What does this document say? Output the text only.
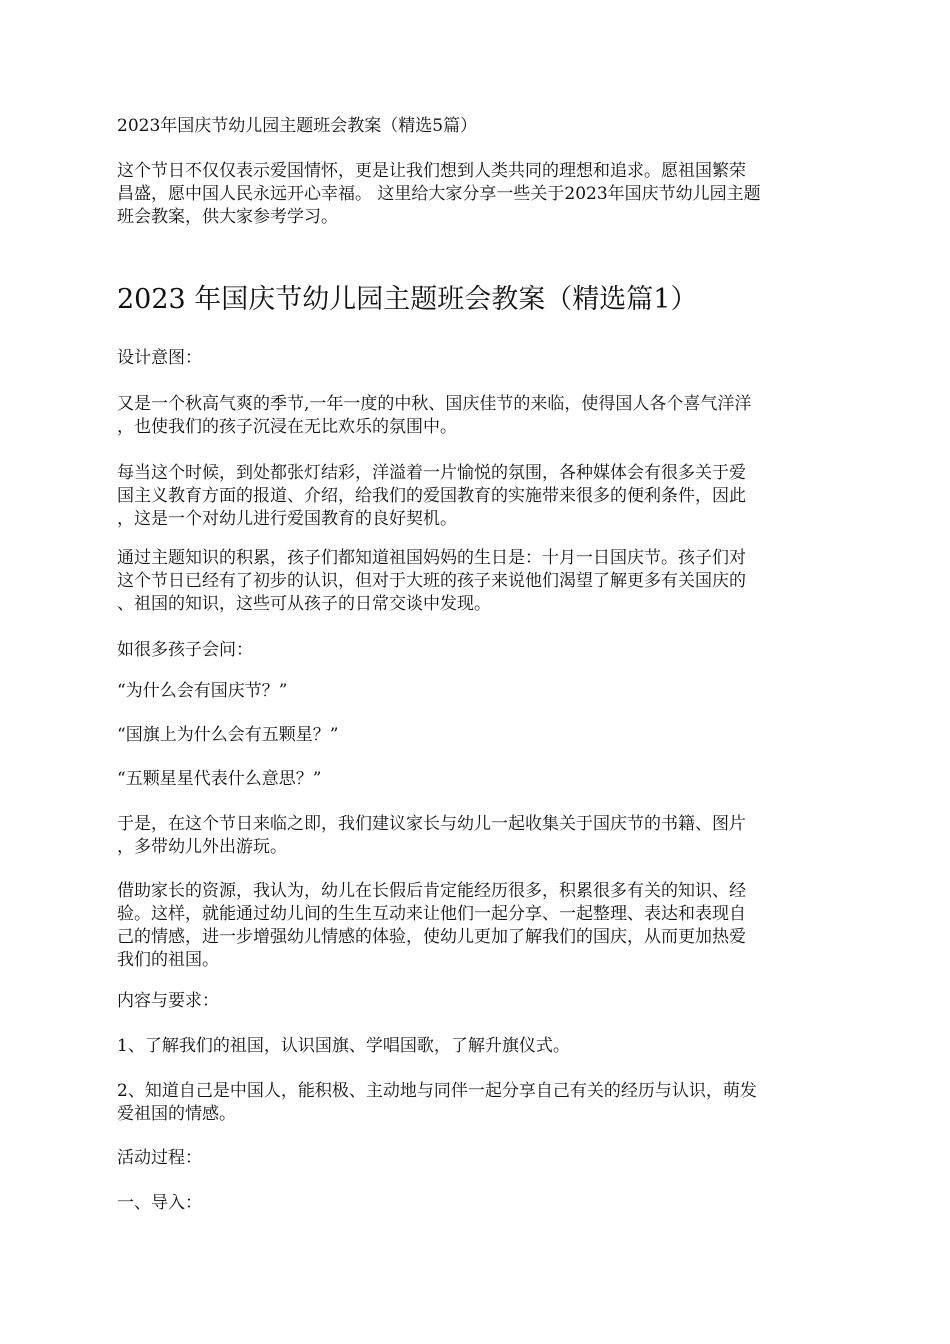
2023年国庆节幼儿园主题班会教案（精选5篇）
这个节日不仅仅表示爱国情怀，更是让我们想到人类共同的理想和追求。愿祖国繁荣
昌盛，愿中国人民永远开心幸福。 这里给大家分享一些关于2023年国庆节幼儿园主题
班会教案，供大家参考学习。
2023 年国庆节幼儿园主题班会教案（精选篇1）
设计意图：
又是一个秋高气爽的季节,一年一度的中秋、国庆佳节的来临，使得国人各个喜气洋洋
，也使我们的孩子沉浸在无比欢乐的氛围中。
每当这个时候，到处都张灯结彩，洋溢着一片愉悦的氛围，各种媒体会有很多关于爱
国主义教育方面的报道、介绍，给我们的爱国教育的实施带来很多的便利条件，因此
，这是一个对幼儿进行爱国教育的良好契机。
通过主题知识的积累，孩子们都知道祖国妈妈的生日是：十月一日国庆节。孩子们对
这个节日已经有了初步的认识，但对于大班的孩子来说他们渴望了解更多有关国庆的
、祖国的知识，这些可从孩子的日常交谈中发现。
如很多孩子会问：
“为什么会有国庆节？”
“国旗上为什么会有五颗星？”
“五颗星星代表什么意思？”
于是，在这个节日来临之即，我们建议家长与幼儿一起收集关于国庆节的书籍、图片
，多带幼儿外出游玩。
借助家长的资源，我认为，幼儿在长假后肯定能经历很多，积累很多有关的知识、经
验。这样，就能通过幼儿间的生生互动来让他们一起分享、一起整理、表达和表现自
己的情感，进一步增强幼儿情感的体验，使幼儿更加了解我们的国庆，从而更加热爱
我们的祖国。
内容与要求：
1、了解我们的祖国，认识国旗、学唱国歌，了解升旗仪式。
2、知道自己是中国人，能积极、主动地与同伴一起分享自己有关的经历与认识，萌发
爱祖国的情感。
活动过程：
一、导入：
